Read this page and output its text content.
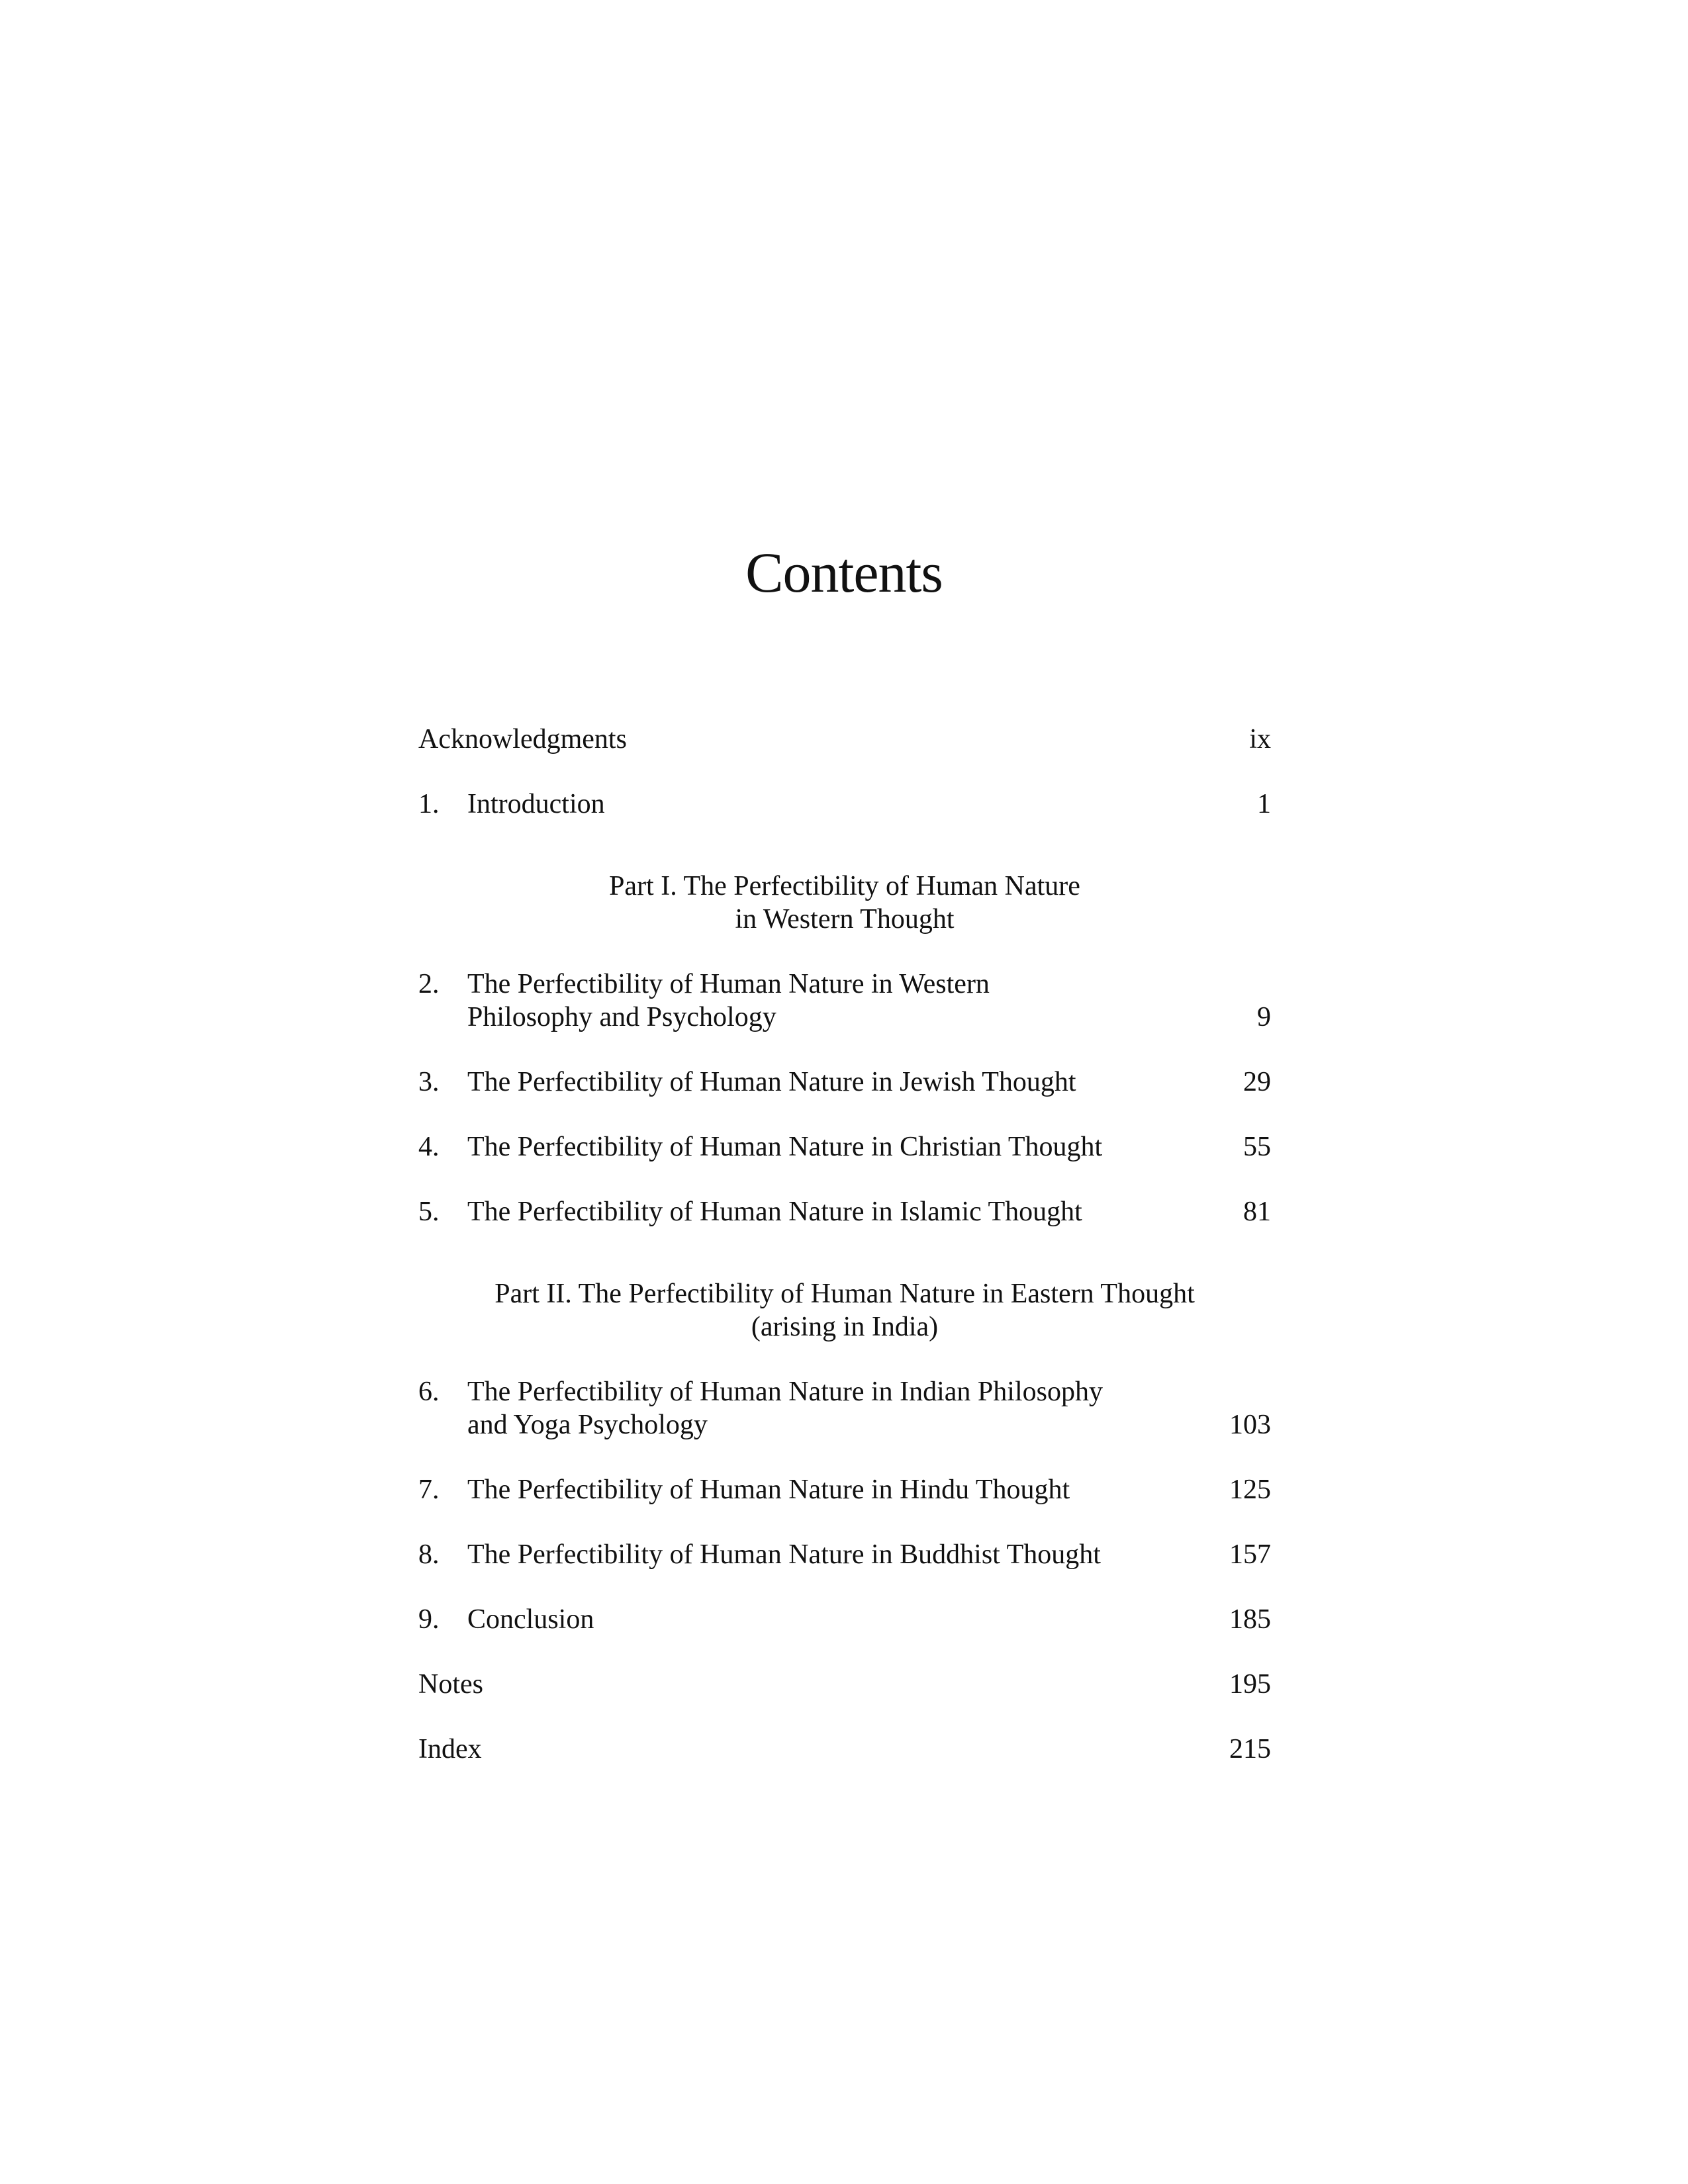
Contents
Acknowledgments	ix
1.	Introduction	1
Part I. The Perfectibility of Human Nature
in Western Thought
2. The Perfectibility of Human Nature in Western
Philosophy and Psychology	9
3.	The Perfectibility of Human Nature in Jewish Thought	29
4.	The Perfectibility of Human Nature in Christian Thought	55
5.	The Perfectibility of Human Nature in Islamic Thought	81
Part II. The Perfectibility of Human Nature in Eastern Thought
(arising in India)
6. The Perfectibility of Human Nature in Indian Philosophy
and Yoga Psychology	103
7.	The Perfectibility of Human Nature in Hindu Thought	125
8.	The Perfectibility of Human Nature in Buddhist Thought	157
9.	Conclusion	185
Notes	195
Index	215
